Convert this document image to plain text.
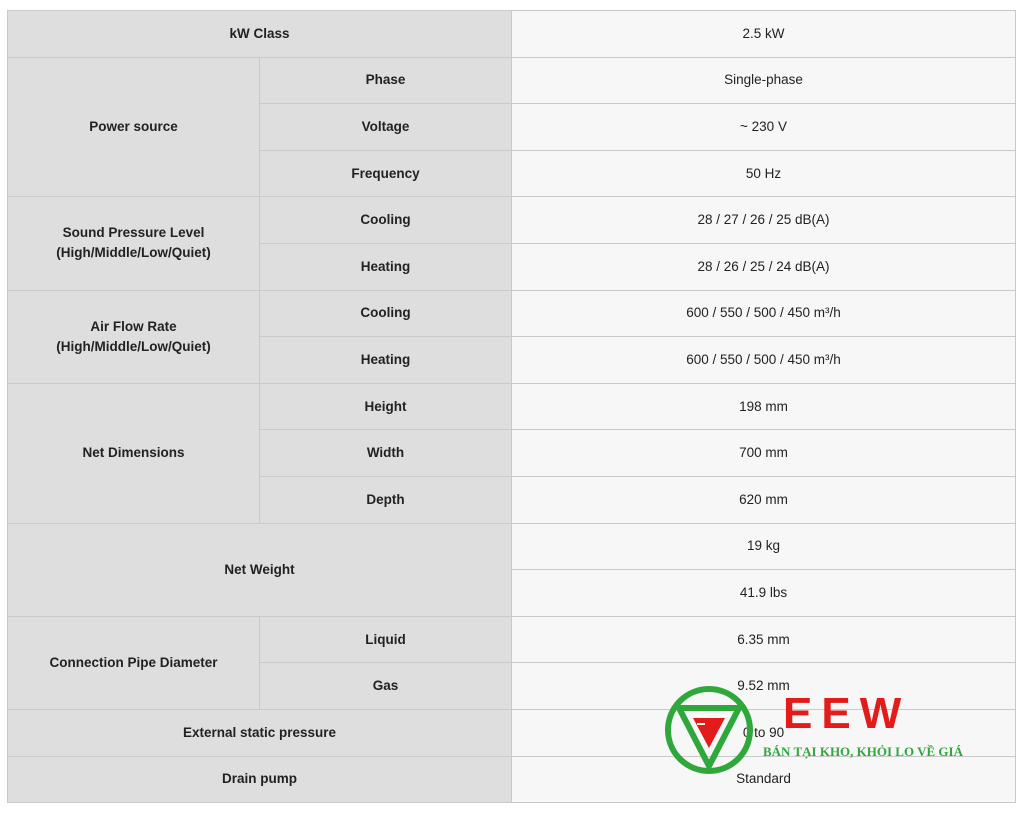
kW Class		2.5 kW
Power source	Phase	Single-phase
	Voltage	~ 230 V
	Frequency	50 Hz

Sound Pressure Level
(High/Middle/Low/Quiet)	Cooling	28 / 27 / 26 / 25 dB(A)
	Heating	28 / 26 / 25 / 24 dB(A)

Air Flow Rate
(High/Middle/Low/Quiet)	Cooling	600 / 550 / 500 / 450 m³/h
	Heating	600 / 550 / 500 / 450 m³/h
Net Dimensions	Height	198 mm
	Width	700 mm
	Depth	620 mm
Net Weight		19 kg
		41.9 lbs
Connection Pipe Diameter	Liquid	6.35 mm
	Gas	9.52 mm
External static pressure		0 to 90
Drain pump		Standard
EEW
BÁN TẠI KHO, KHỎI LO VỀ GIÁ
